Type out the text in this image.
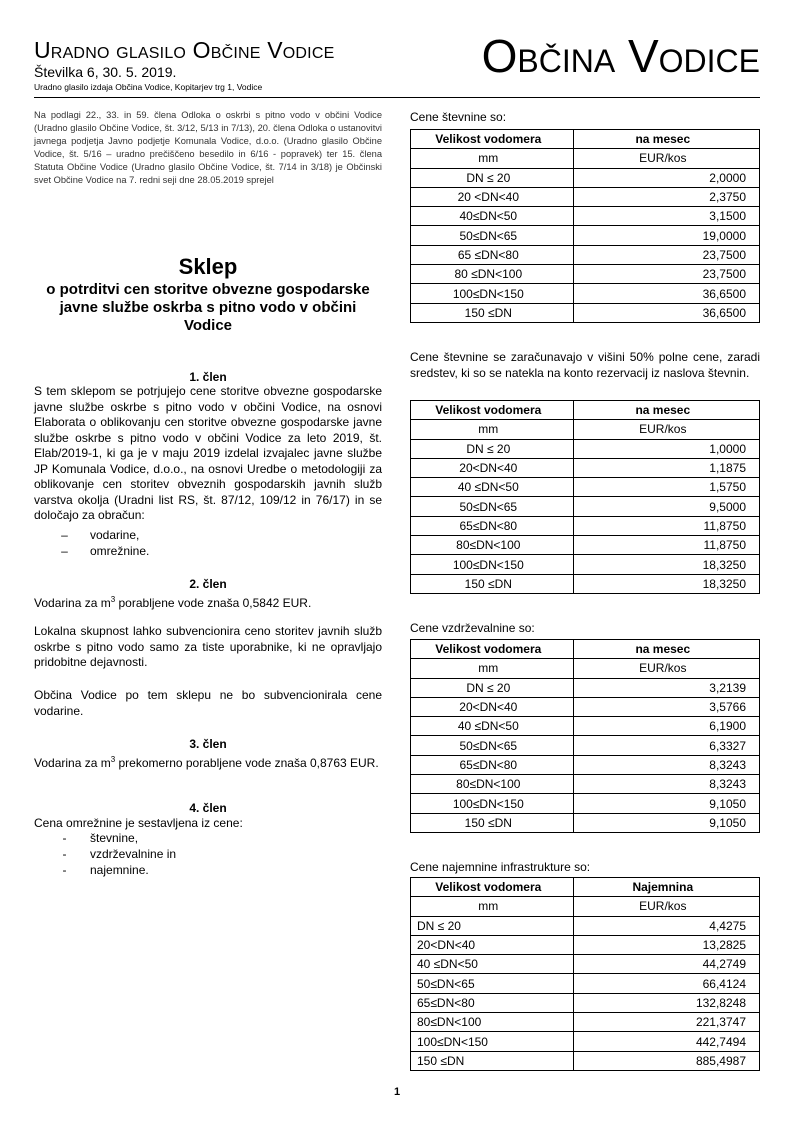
Uradno glasilo Občine Vodice
Številka 6, 30. 5. 2019.
Uradno glasilo izdaja Občina Vodice, Kopitarjev trg 1, Vodice
Občina Vodice
Na podlagi 22., 33. in 59. člena Odloka o oskrbi s pitno vodo v občini Vodice (Uradno glasilo Občine Vodice, št. 3/12, 5/13 in 7/13), 20. člena Odloka o ustanovitvi javnega podjetja Javno podjetje Komunala Vodice, d.o.o. (Uradno glasilo Občine Vodice, št. 5/16 – uradno prečiščeno besedilo in 6/16 - popravek) ter 15. člena Statuta Občine Vodice (Uradno glasilo Občine Vodice, št. 7/14 in 3/18) je Občinski svet Občine Vodice na 7. redni seji dne 28.05.2019 sprejel
Sklep
o potrditvi cen storitve obvezne gospodarske javne službe oskrba s pitno vodo v občini Vodice
1. člen
S tem sklepom se potrjujejo cene storitve obvezne gospodarske javne službe oskrbe s pitno vodo v občini Vodice, na osnovi Elaborata o oblikovanju cen storitve obvezne gospodarske javne službe oskrbe s pitno vodo v občini Vodice za leto 2019, št. Elab/2019-1, ki ga je v maju 2019 izdelal izvajalec javne službe JP Komunala Vodice, d.o.o., na osnovi Uredbe o metodologiji za oblikovanje cen storitev obveznih gospodarskih javnih služb varstva okolja (Uradni list RS, št. 87/12, 109/12 in 76/17) in se določajo za obračun:
– vodarine,
– omrežnine.
2. člen
Vodarina za $m^3$ porabljene vode znaša 0,5842 EUR.
Lokalna skupnost lahko subvencionira ceno storitev javnih služb oskrbe s pitno vodo samo za tiste uporabnike, ki ne opravljajo pridobitne dejavnosti.
Občina Vodice po tem sklepu ne bo subvencionirala cene vodarine.
3. člen
Vodarina za $m^3$ prekomerno porabljene vode znaša 0,8763 EUR.
4. člen
Cena omrežnine je sestavljena iz cene:
- števnine,
- vzdrževalnine in
- najemnine.
Cene števnine so:
Velikost vodomera	na mesec
mm	EUR/kos
DN ≤ 20	2,0000
20 <DN<40	2,3750
40≤DN<50	3,1500
50≤DN<65	19,0000
65 ≤DN<80	23,7500
80 ≤DN<100	23,7500
100≤DN<150	36,6500
150 ≤DN	36,6500
Cene števnine se zaračunavajo v višini 50% polne cene, zaradi sredstev, ki so se natekla na konto rezervacij iz naslova števnin.
Velikost vodomera	na mesec
mm	EUR/kos
DN ≤ 20	1,0000
20<DN<40	1,1875
40 ≤DN<50	1,5750
50≤DN<65	9,5000
65≤DN<80	11,8750
80≤DN<100	11,8750
100≤DN<150	18,3250
150 ≤DN	18,3250
Cene vzdrževalnine so:
Velikost vodomera	na mesec
mm	EUR/kos
DN ≤ 20	3,2139
20<DN<40	3,5766
40 ≤DN<50	6,1900
50≤DN<65	6,3327
65≤DN<80	8,3243
80≤DN<100	8,3243
100≤DN<150	9,1050
150 ≤DN	9,1050
Cene najemnine infrastrukture so:
Velikost vodomera	Najemnina
mm	EUR/kos
DN ≤ 20	4,4275
20<DN<40	13,2825
40 ≤DN<50	44,2749
50≤DN<65	66,4124
65≤DN<80	132,8248
80≤DN<100	221,3747
100≤DN<150	442,7494
150 ≤DN	885,4987
1
